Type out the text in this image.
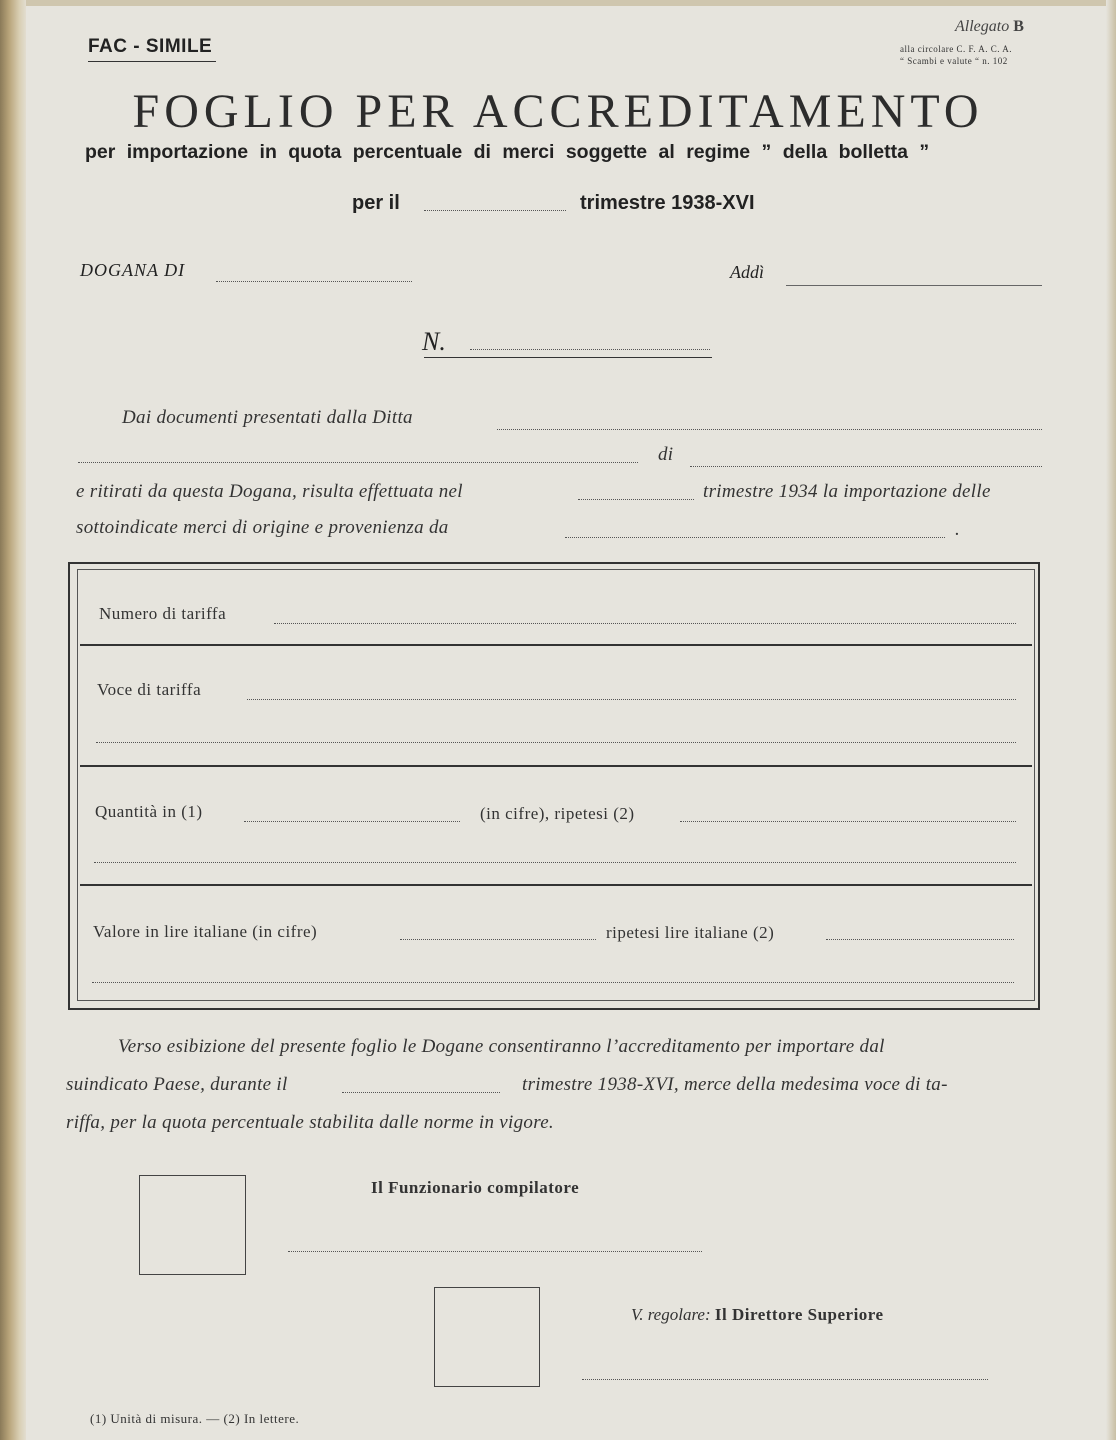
FAC - SIMILE
Allegato B
alla circolare C. F. A. C. A.
“ Scambi e valute “ n. 102
FOGLIO PER ACCREDITAMENTO
per importazione in quota percentuale di merci soggette al regime ” della bolletta ”
per il	trimestre 1938-XVI
DOGANA DI	Addì
N.
Dai documenti presentati dalla Ditta
di
e ritirati da questa Dogana, risulta effettuata nel	trimestre 1934 la importazione delle
sottoindicate merci di origine e provenienza da	.
Numero di tariffa
Voce di tariffa
Quantità in (1)	(in cifre), ripetesi (2)
Valore in lire italiane (in cifre)	ripetesi lire italiane (2)
Verso esibizione del presente foglio le Dogane consentiranno l’accreditamento per importare dal
suindicato Paese, durante il	trimestre 1938-XVI, merce della medesima voce di ta-
riffa, per la quota percentuale stabilita dalle norme in vigore.
Il Funzionario compilatore
V. regolare: Il Direttore Superiore
(1) Unità di misura. — (2) In lettere.
